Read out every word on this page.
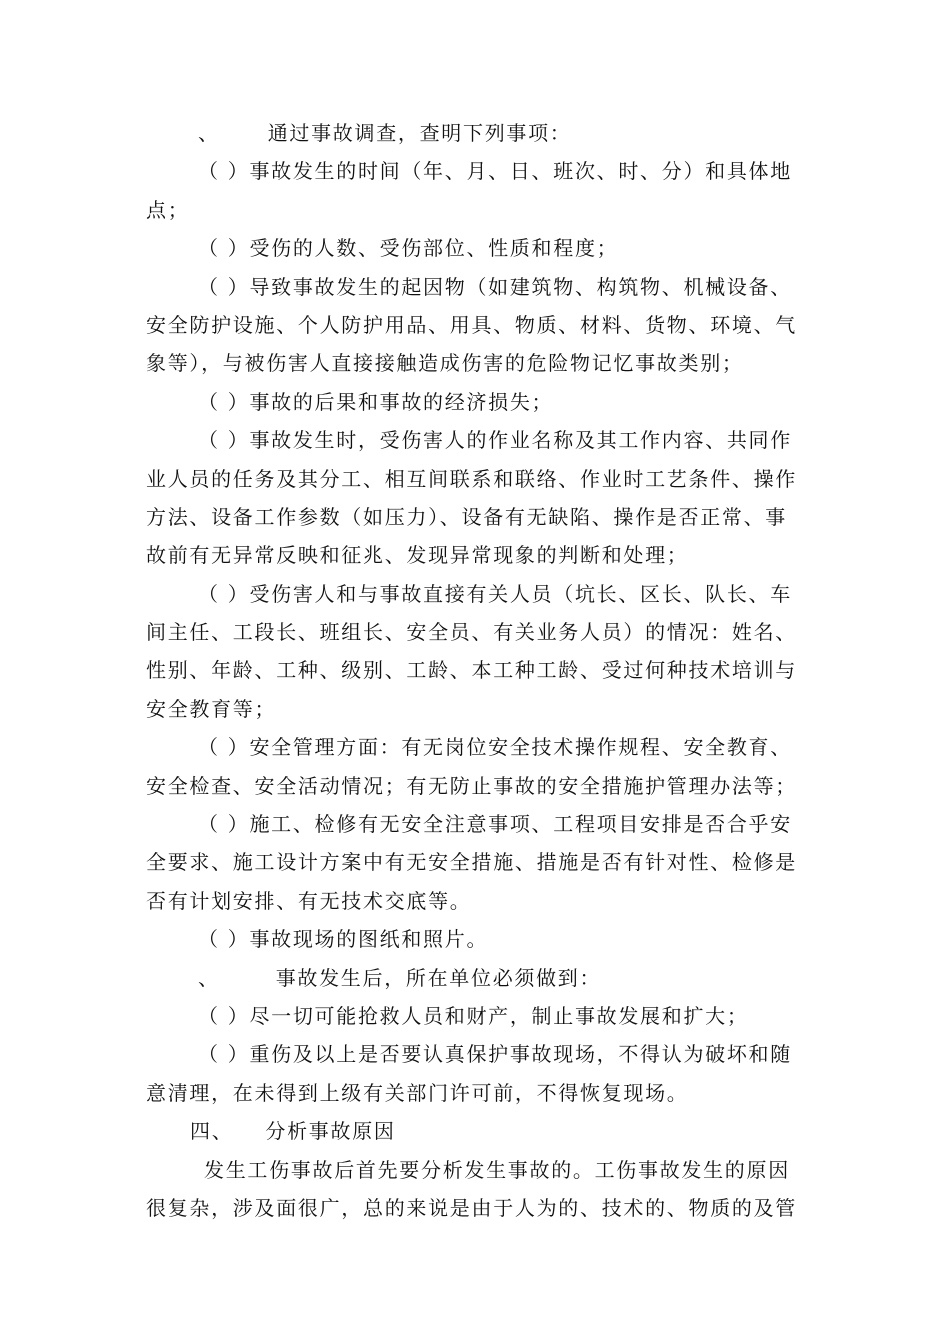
、 通过事故调查，查明下列事项：
（ ）事故发生的时间（年、月、日、班次、时、分）和具体地
点；
（ ）受伤的人数、受伤部位、性质和程度；
（ ）导致事故发生的起因物（如建筑物、构筑物、机械设备、
安全防护设施、个人防护用品、用具、物质、材料、货物、环境、气
象等），与被伤害人直接接触造成伤害的危险物记忆事故类别；
（ ）事故的后果和事故的经济损失；
（ ）事故发生时，受伤害人的作业名称及其工作内容、共同作
业人员的任务及其分工、相互间联系和联络、作业时工艺条件、操作
方法、设备工作参数（如压力）、设备有无缺陷、操作是否正常、事
故前有无异常反映和征兆、发现异常现象的判断和处理；
（ ）受伤害人和与事故直接有关人员（坑长、区长、队长、车
间主任、工段长、班组长、安全员、有关业务人员）的情况：姓名、
性别、年龄、工种、级别、工龄、本工种工龄、受过何种技术培训与
安全教育等；
（ ）安全管理方面：有无岗位安全技术操作规程、安全教育、
安全检查、安全活动情况；有无防止事故的安全措施护管理办法等；
（ ）施工、检修有无安全注意事项、工程项目安排是否合乎安
全要求、施工设计方案中有无安全措施、措施是否有针对性、检修是
否有计划安排、有无技术交底等。
（ ）事故现场的图纸和照片。
、	事故发生后，所在单位必须做到：
（ ）尽一切可能抢救人员和财产，制止事故发展和扩大；
（ ）重伤及以上是否要认真保护事故现场，不得认为破坏和随
意清理，在未得到上级有关部门许可前，不得恢复现场。
四、 分析事故原因
发生工伤事故后首先要分析发生事故的。工伤事故发生的原因
很复杂，涉及面很广，总的来说是由于人为的、技术的、物质的及管
